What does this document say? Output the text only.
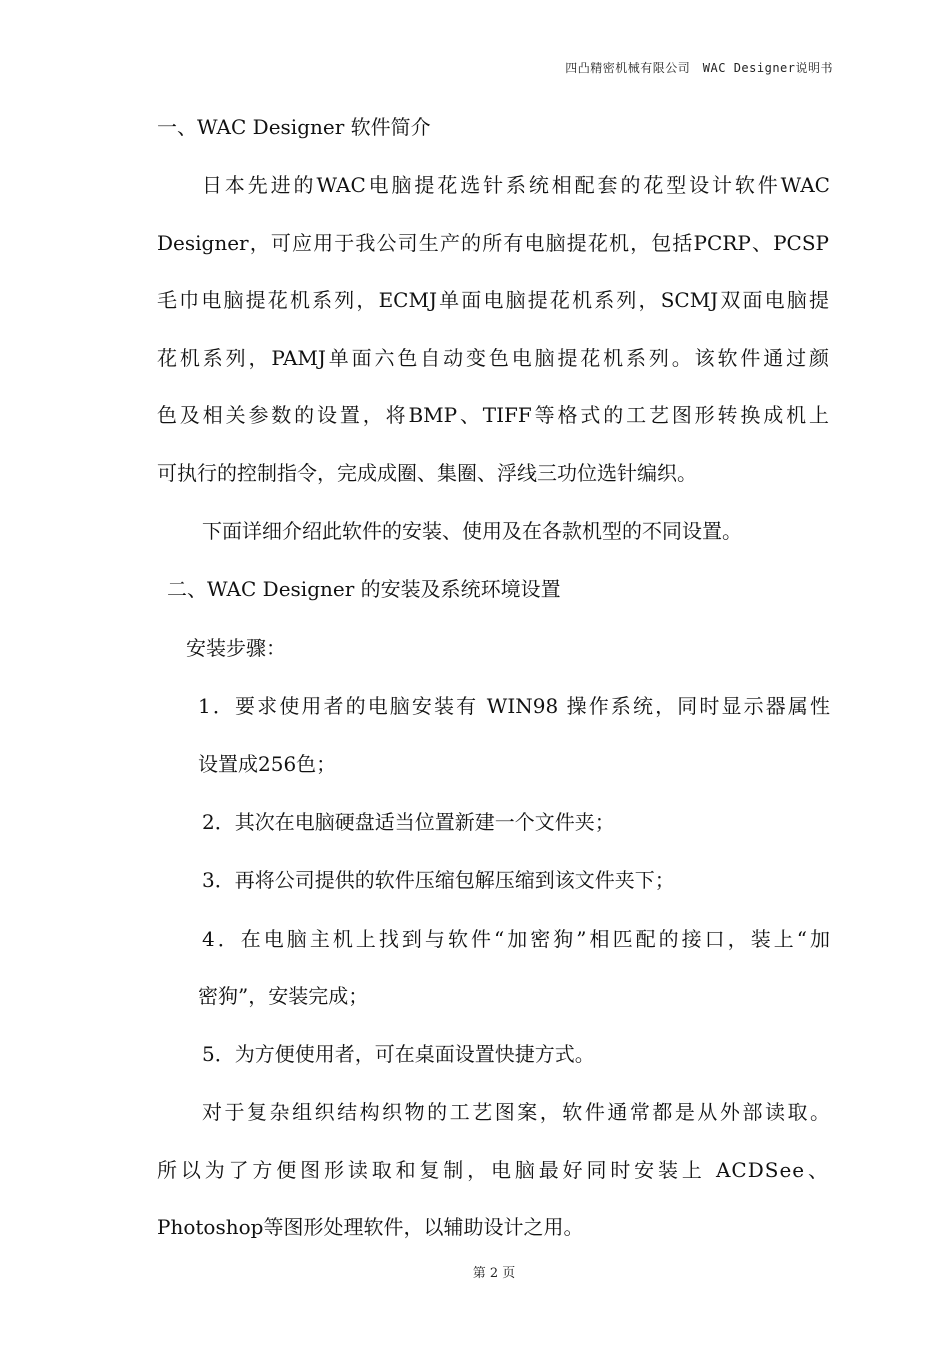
四凸精密机械有限公司　WAC Designer说明书
一、WAC Designer 软件简介
日本先进的WAC电脑提花选针系统相配套的花型设计软件WAC
Designer，可应用于我公司生产的所有电脑提花机，包括PCRP、PCSP
毛巾电脑提花机系列，ECMJ单面电脑提花机系列，SCMJ双面电脑提
花机系列，PAMJ单面六色自动变色电脑提花机系列。该软件通过颜
色及相关参数的设置，将BMP、TIFF等格式的工艺图形转换成机上
可执行的控制指令，完成成圈、集圈、浮线三功位选针编织。
下面详细介绍此软件的安装、使用及在各款机型的不同设置。
二、WAC Designer 的安装及系统环境设置
安装步骤：
1．要求使用者的电脑安装有 WIN98 操作系统，同时显示器属性
设置成256色；
2．其次在电脑硬盘适当位置新建一个文件夹；
3．再将公司提供的软件压缩包解压缩到该文件夹下；
4．在电脑主机上找到与软件“加密狗”相匹配的接口，装上“加
密狗”，安装完成；
5．为方便使用者，可在桌面设置快捷方式。
对于复杂组织结构织物的工艺图案，软件通常都是从外部读取。
所以为了方便图形读取和复制，电脑最好同时安装上 ACDSee、
Photoshop等图形处理软件，以辅助设计之用。
第 2 页
